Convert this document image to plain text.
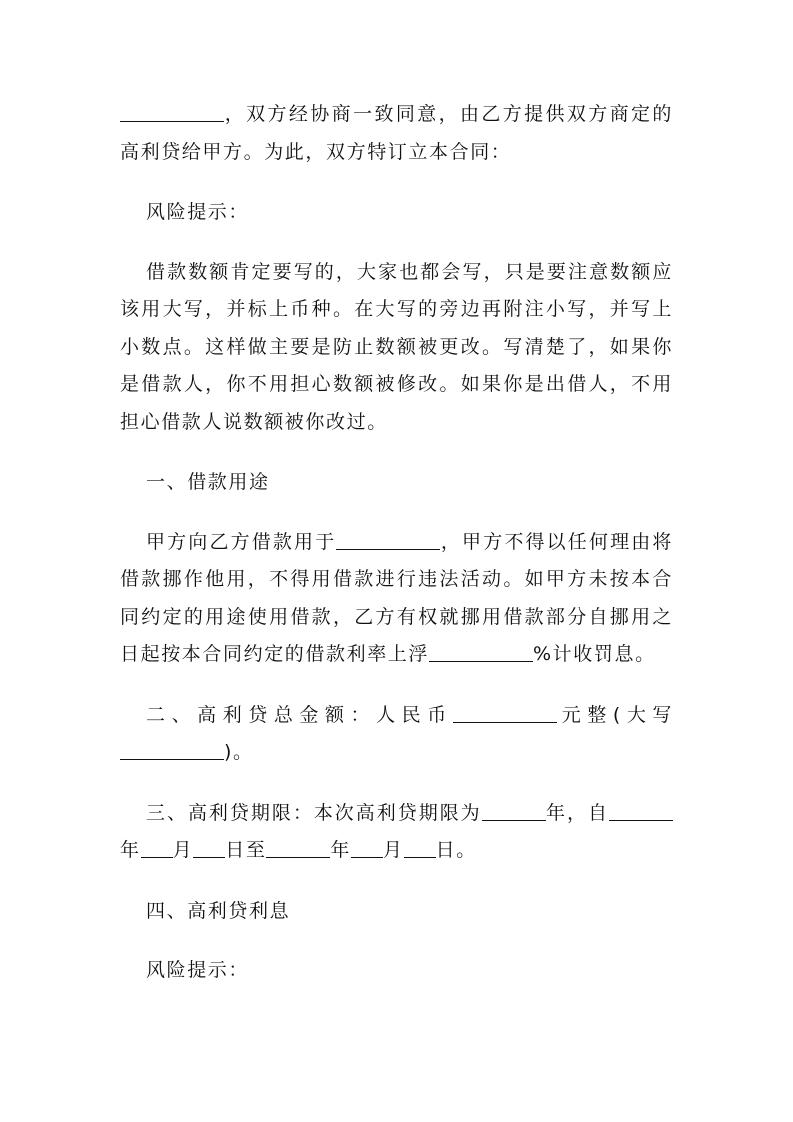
，双方经协商一致同意，由乙方提供双方商定的高利贷给甲方。为此，双方特订立本合同：

风险提示：

借款数额肯定要写的，大家也都会写，只是要注意数额应该用大写，并标上币种。在大写的旁边再附注小写，并写上小数点。这样做主要是防止数额被更改。写清楚了，如果你是借款人，你不用担心数额被修改。如果你是出借人，不用担心借款人说数额被你改过。

一、借款用途

甲方向乙方借款用于	，甲方不得以任何理由将借款挪作他用，不得用借款进行违法活动。如甲方未按本合同约定的用途使用借款，乙方有权就挪用借款部分自挪用之日起按本合同约定的借款利率上浮	%计收罚息。

二、高利贷总金额：人民币	元整(大写

)。

三、高利贷期限：本次高利贷期限为	年，自年 月 日至	年 月 日。

四、高利贷利息

风险提示：
